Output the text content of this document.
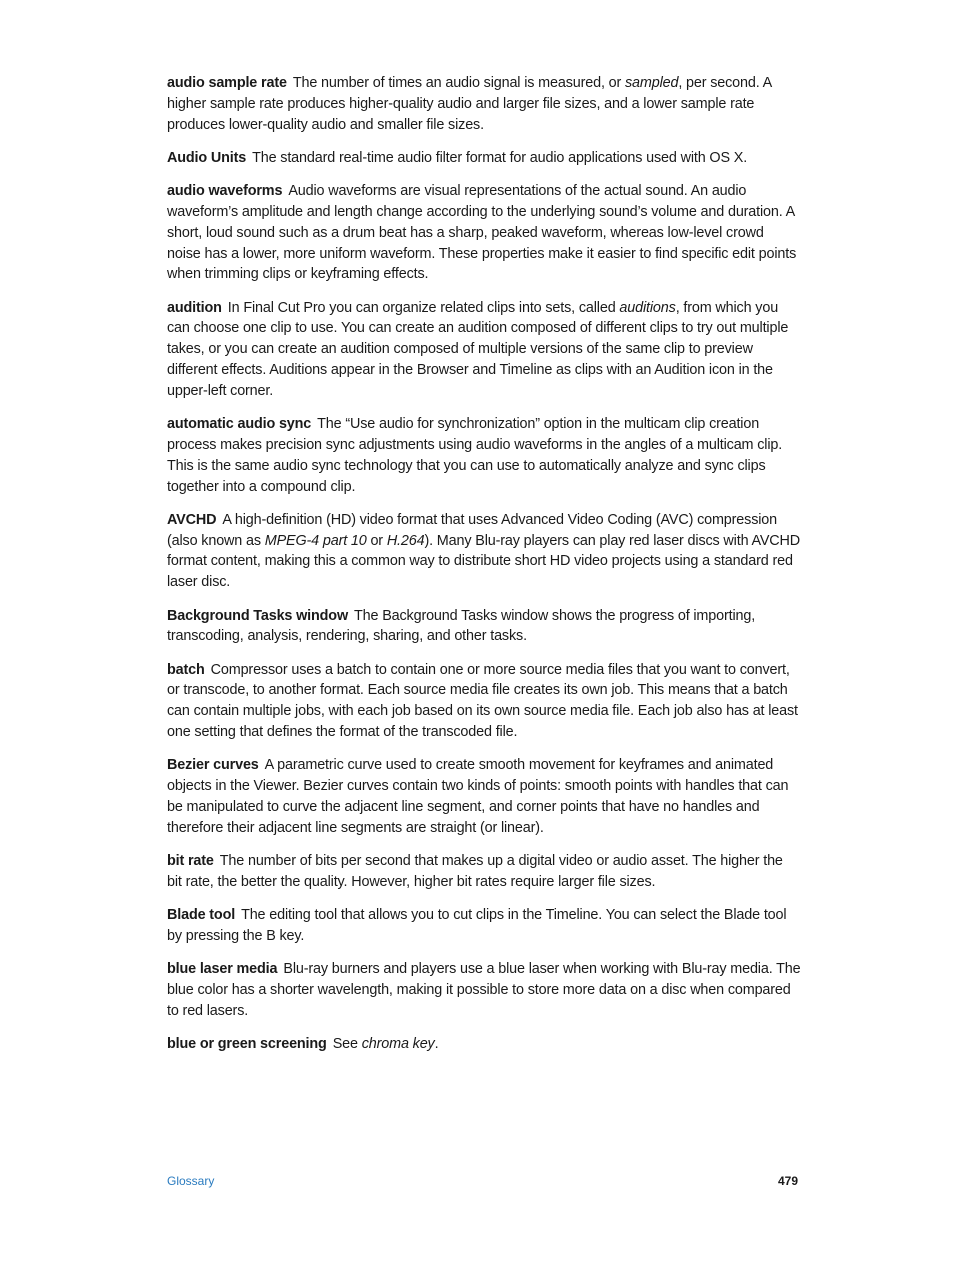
audio sample rate The number of times an audio signal is measured, or sampled, per second. A higher sample rate produces higher-quality audio and larger file sizes, and a lower sample rate produces lower-quality audio and smaller file sizes.

Audio Units The standard real-time audio filter format for audio applications used with OS X.

audio waveforms Audio waveforms are visual representations of the actual sound. An audio waveform’s amplitude and length change according to the underlying sound’s volume and duration. A short, loud sound such as a drum beat has a sharp, peaked waveform, whereas low-level crowd noise has a lower, more uniform waveform. These properties make it easier to find specific edit points when trimming clips or keyframing effects.

audition In Final Cut Pro you can organize related clips into sets, called auditions, from which you can choose one clip to use. You can create an audition composed of different clips to try out multiple takes, or you can create an audition composed of multiple versions of the same clip to preview different effects. Auditions appear in the Browser and Timeline as clips with an Audition icon in the upper-left corner.

automatic audio sync The “Use audio for synchronization” option in the multicam clip creation process makes precision sync adjustments using audio waveforms in the angles of a multicam clip. This is the same audio sync technology that you can use to automatically analyze and sync clips together into a compound clip.

AVCHD A high-definition (HD) video format that uses Advanced Video Coding (AVC) compression (also known as MPEG-4 part 10 or H.264). Many Blu-ray players can play red laser discs with AVCHD format content, making this a common way to distribute short HD video projects using a standard red laser disc.

Background Tasks window The Background Tasks window shows the progress of importing, transcoding, analysis, rendering, sharing, and other tasks.

batch Compressor uses a batch to contain one or more source media files that you want to convert, or transcode, to another format. Each source media file creates its own job. This means that a batch can contain multiple jobs, with each job based on its own source media file. Each job also has at least one setting that defines the format of the transcoded file.

Bezier curves A parametric curve used to create smooth movement for keyframes and animated objects in the Viewer. Bezier curves contain two kinds of points: smooth points with handles that can be manipulated to curve the adjacent line segment, and corner points that have no handles and therefore their adjacent line segments are straight (or linear).

bit rate The number of bits per second that makes up a digital video or audio asset. The higher the bit rate, the better the quality. However, higher bit rates require larger file sizes.

Blade tool The editing tool that allows you to cut clips in the Timeline. You can select the Blade tool by pressing the B key.

blue laser media Blu-ray burners and players use a blue laser when working with Blu-ray media. The blue color has a shorter wavelength, making it possible to store more data on a disc when compared to red lasers.

blue or green screening See chroma key.

Glossary	479
